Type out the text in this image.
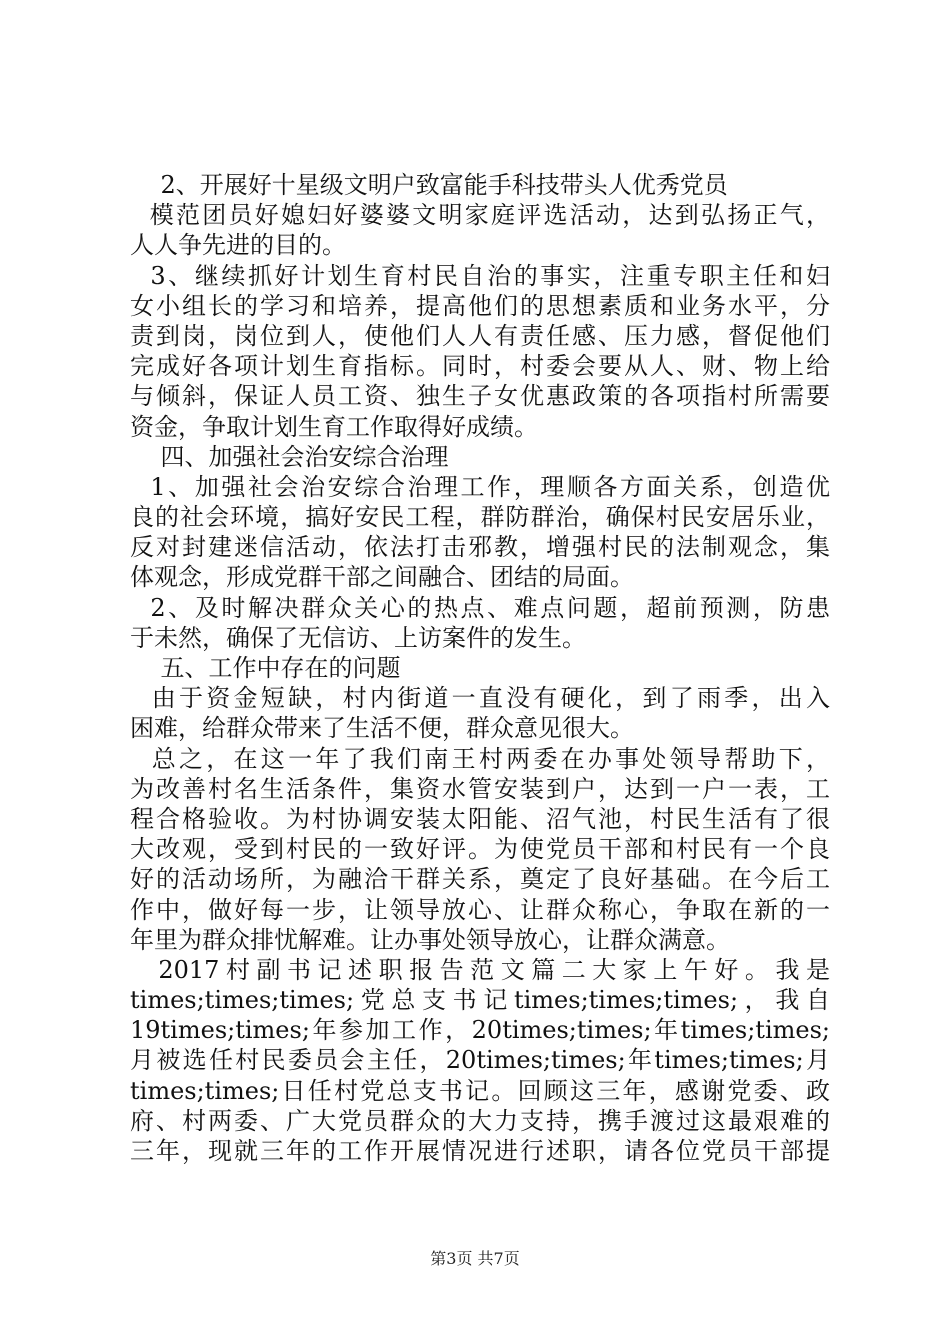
2、开展好十星级文明户致富能手科技带头人优秀党员
模范团员好媳妇好婆婆文明家庭评选活动，达到弘扬正气，
人人争先进的目的。
3、继续抓好计划生育村民自治的事实，注重专职主任和妇
女小组长的学习和培养，提高他们的思想素质和业务水平，分
责到岗，岗位到人，使他们人人有责任感、压力感，督促他们
完成好各项计划生育指标。同时，村委会要从人、财、物上给
与倾斜，保证人员工资、独生子女优惠政策的各项指村所需要
资金，争取计划生育工作取得好成绩。
四、加强社会治安综合治理
1、加强社会治安综合治理工作，理顺各方面关系，创造优
良的社会环境，搞好安民工程，群防群治，确保村民安居乐业，
反对封建迷信活动，依法打击邪教，增强村民的法制观念，集
体观念，形成党群干部之间融合、团结的局面。
2、及时解决群众关心的热点、难点问题，超前预测，防患
于未然，确保了无信访、上访案件的发生。
五、工作中存在的问题
由于资金短缺，村内街道一直没有硬化，到了雨季，出入
困难，给群众带来了生活不便，群众意见很大。
总之，在这一年了我们南王村两委在办事处领导帮助下，
为改善村名生活条件，集资水管安装到户，达到一户一表，工
程合格验收。为村协调安装太阳能、沼气池，村民生活有了很
大改观，受到村民的一致好评。为使党员干部和村民有一个良
好的活动场所，为融洽干群关系，奠定了良好基础。在今后工
作中，做好每一步，让领导放心、让群众称心，争取在新的一
年里为群众排忧解难。让办事处领导放心，让群众满意。
2017村副书记述职报告范文篇二大家上午好。我是
times;times;times;党总支书记times;times;times;，我自
19times;times;年参加工作，20times;times;年times;times;
月被选任村民委员会主任，20times;times;年times;times;月
times;times;日任村党总支书记。回顾这三年，感谢党委、政
府、村两委、广大党员群众的大力支持，携手渡过这最艰难的
三年，现就三年的工作开展情况进行述职，请各位党员干部提
第3页 共7页
